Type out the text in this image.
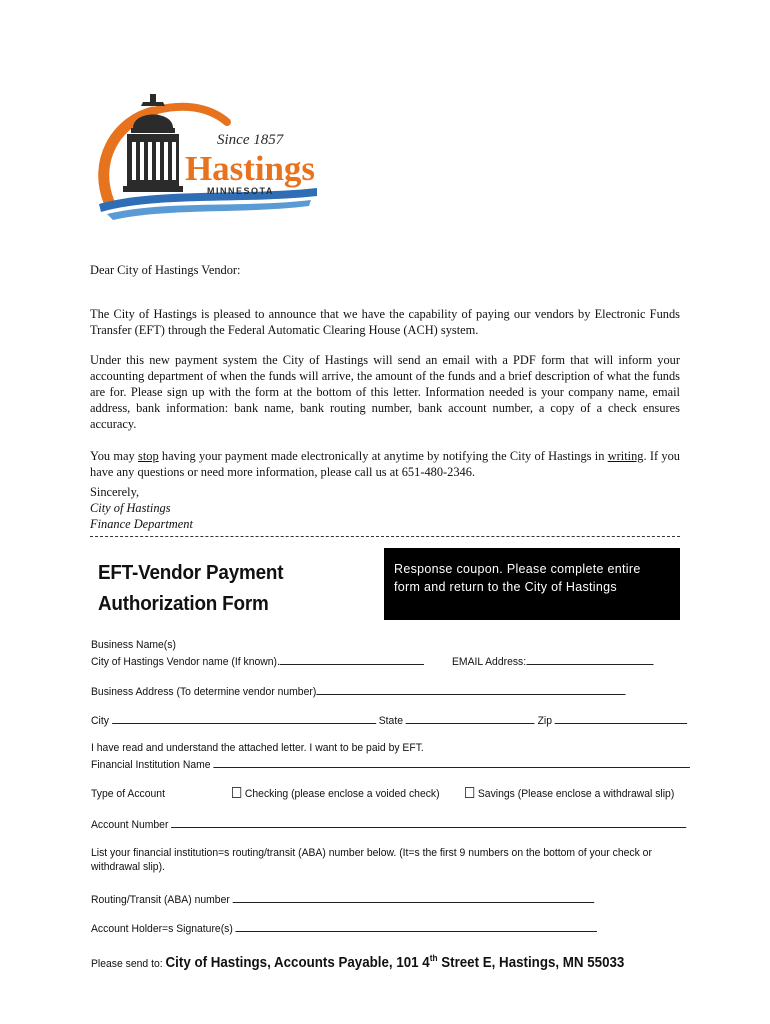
Since 1857
Hastings
MINNESOTA
Dear City of Hastings Vendor:

The City of Hastings is pleased to announce that we have the capability of paying our vendors by Electronic Funds Transfer (EFT) through the Federal Automatic Clearing House (ACH) system.

Under this new payment system the City of Hastings will send an email with a PDF form that will inform your accounting department of when the funds will arrive, the amount of the funds and a brief description of what the funds are for. Please sign up with the form at the bottom of this letter. Information needed is your company name, email address, bank information: bank name, bank routing number, bank account number, a copy of a check ensures accuracy.

You may stop having your payment made electronically at anytime by notifying the City of Hastings in writing. If you have any questions or need more information, please call us at 651-480-2346.

Sincerely,
City of Hastings
Finance Department
EFT-Vendor Payment
Authorization Form
Response coupon. Please complete entire
form and return to the City of Hastings
Business Name(s)
City of Hastings Vendor name (If known).	EMAIL Address:
Business Address (To determine vendor number)
City	State	Zip
I have read and understand the attached letter. I want to be paid by EFT.
Financial Institution Name
Type of Account	Checking (please enclose a voided check)	Savings (Please enclose a withdrawal slip)
Account Number
List your financial institution=s routing/transit (ABA) number below. (It=s the first 9 numbers on the bottom of your check or withdrawal slip).
Routing/Transit (ABA) number
Account Holder=s Signature(s)
Please send to: City of Hastings, Accounts Payable, 101 4th Street E, Hastings, MN 55033
